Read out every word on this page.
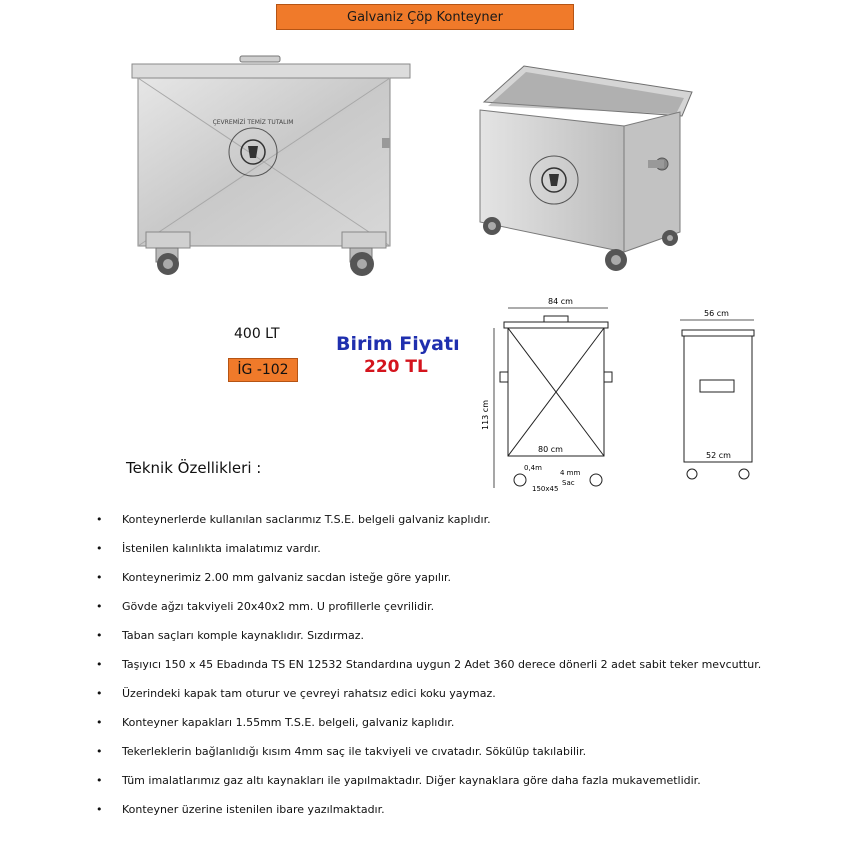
Galvaniz Çöp Konteyner
ÇEVREMİZİ TEMİZ TUTALIM
400 LT
İG -102
Birim Fiyatı
220 TL
84 cm
113 cm
80 cm
0,4m
4 mm
Sac
150x45
56 cm
52 cm
Teknik Özellikleri :
• Konteynerlerde kullanılan saclarımız T.S.E. belgeli galvaniz kaplıdır.
• İstenilen kalınlıkta imalatımız vardır.
• Konteynerimiz 2.00 mm galvaniz sacdan isteğe göre yapılır.
• Gövde ağzı takviyeli 20x40x2 mm. U profillerle çevrilidir.
• Taban saçları komple kaynaklıdır. Sızdırmaz.
• Taşıyıcı 150 x 45 Ebadında TS EN 12532 Standardına uygun 2 Adet 360 derece dönerli 2 adet sabit teker mevcuttur.
• Üzerindeki kapak tam oturur ve çevreyi rahatsız edici koku yaymaz.
• Konteyner kapakları 1.55mm T.S.E. belgeli, galvaniz kaplıdır.
• Tekerleklerin bağlanlıdığı kısım 4mm saç ile takviyeli ve cıvatadır. Sökülüp takılabilir.
• Tüm imalatlarımız gaz altı kaynakları ile yapılmaktadır. Diğer kaynaklara göre daha fazla mukavemetlidir.
• Konteyner üzerine istenilen ibare yazılmaktadır.
